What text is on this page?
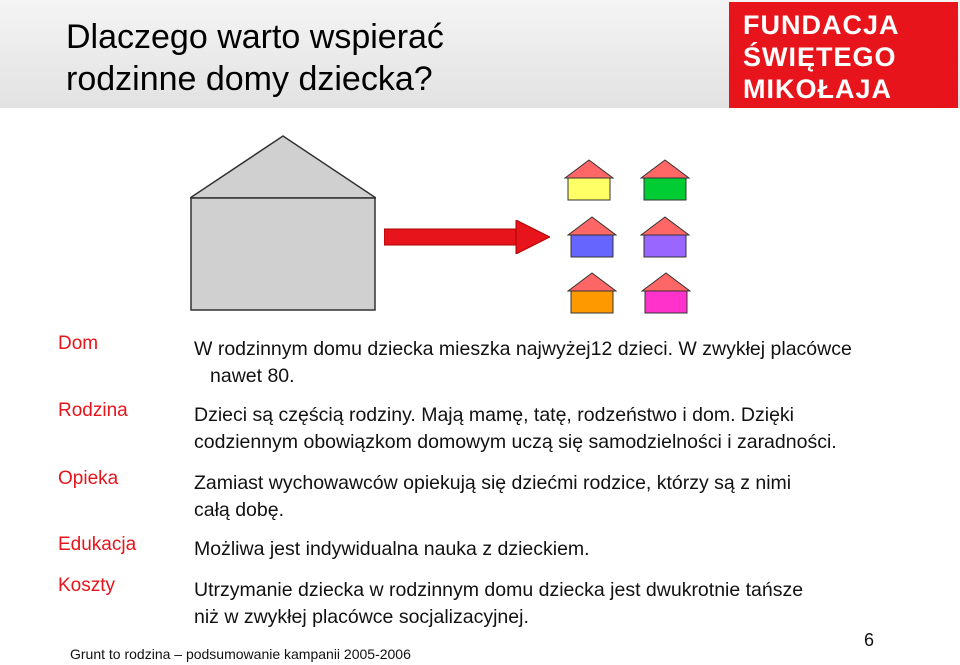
Dlaczego warto wspierać
rodzinne domy dziecka?
FUNDACJA
ŚWIĘTEGO
MIKOŁAJA
Dom
Rodzina
Opieka
Edukacja
Koszty
W rodzinnym domu dziecka mieszka najwyżej12 dzieci. W zwykłej placówce
nawet 80.
Dzieci są częścią rodziny. Mają mamę, tatę, rodzeństwo i dom. Dzięki
codziennym obowiązkom domowym uczą się samodzielności i zaradności.
Zamiast wychowawców opiekują się dziećmi rodzice, którzy są z nimi
całą dobę.
Możliwa jest indywidualna nauka z dzieckiem.
Utrzymanie dziecka w rodzinnym domu dziecka jest dwukrotnie tańsze
niż w zwykłej placówce socjalizacyjnej.
Grunt to rodzina – podsumowanie kampanii 2005-2006
6
